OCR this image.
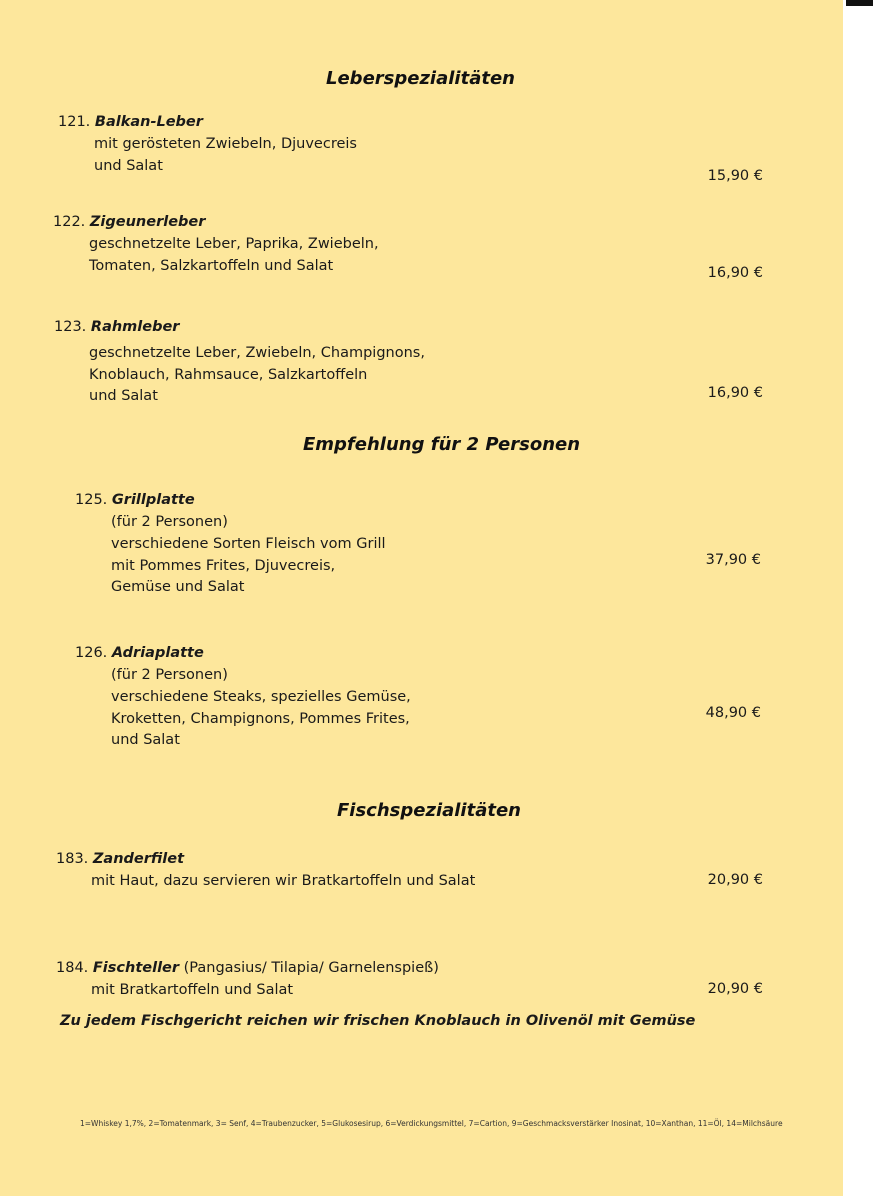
Leberspezialitäten
121. Balkan-Leber
mit gerösteten Zwiebeln, Djuvecreis
und Salat
15,90 €
122. Zigeunerleber
geschnetzelte Leber, Paprika, Zwiebeln,
Tomaten, Salzkartoffeln und Salat	16,90 €
123. Rahmleber
geschnetzelte Leber, Zwiebeln, Champignons,
Knoblauch, Rahmsauce, Salzkartoffeln
und Salat	16,90 €
Empfehlung für 2 Personen
125. Grillplatte
(für 2 Personen)
verschiedene Sorten Fleisch vom Grill
mit Pommes Frites, Djuvecreis,
Gemüse und Salat
37,90 €
126. Adriaplatte
(für 2 Personen)
verschiedene Steaks, spezielles Gemüse,
Kroketten, Champignons, Pommes Frites,
und Salat
48,90 €
Fischspezialitäten
183. Zanderfilet
mit Haut, dazu servieren wir Bratkartoffeln und Salat	20,90 €
184. Fischteller (Pangasius/ Tilapia/ Garnelenspieß)
mit Bratkartoffeln und Salat	20,90 €
Zu jedem Fischgericht reichen wir frischen Knoblauch in Olivenöl mit Gemüse
1=Whiskey 1,7%, 2=Tomatenmark, 3= Senf, 4=Traubenzucker, 5=Glukosesirup, 6=Verdickungsmittel, 7=Cartion, 9=Geschmacksverstärker Inosinat, 10=Xanthan, 11=Öl, 14=Milchsäure
